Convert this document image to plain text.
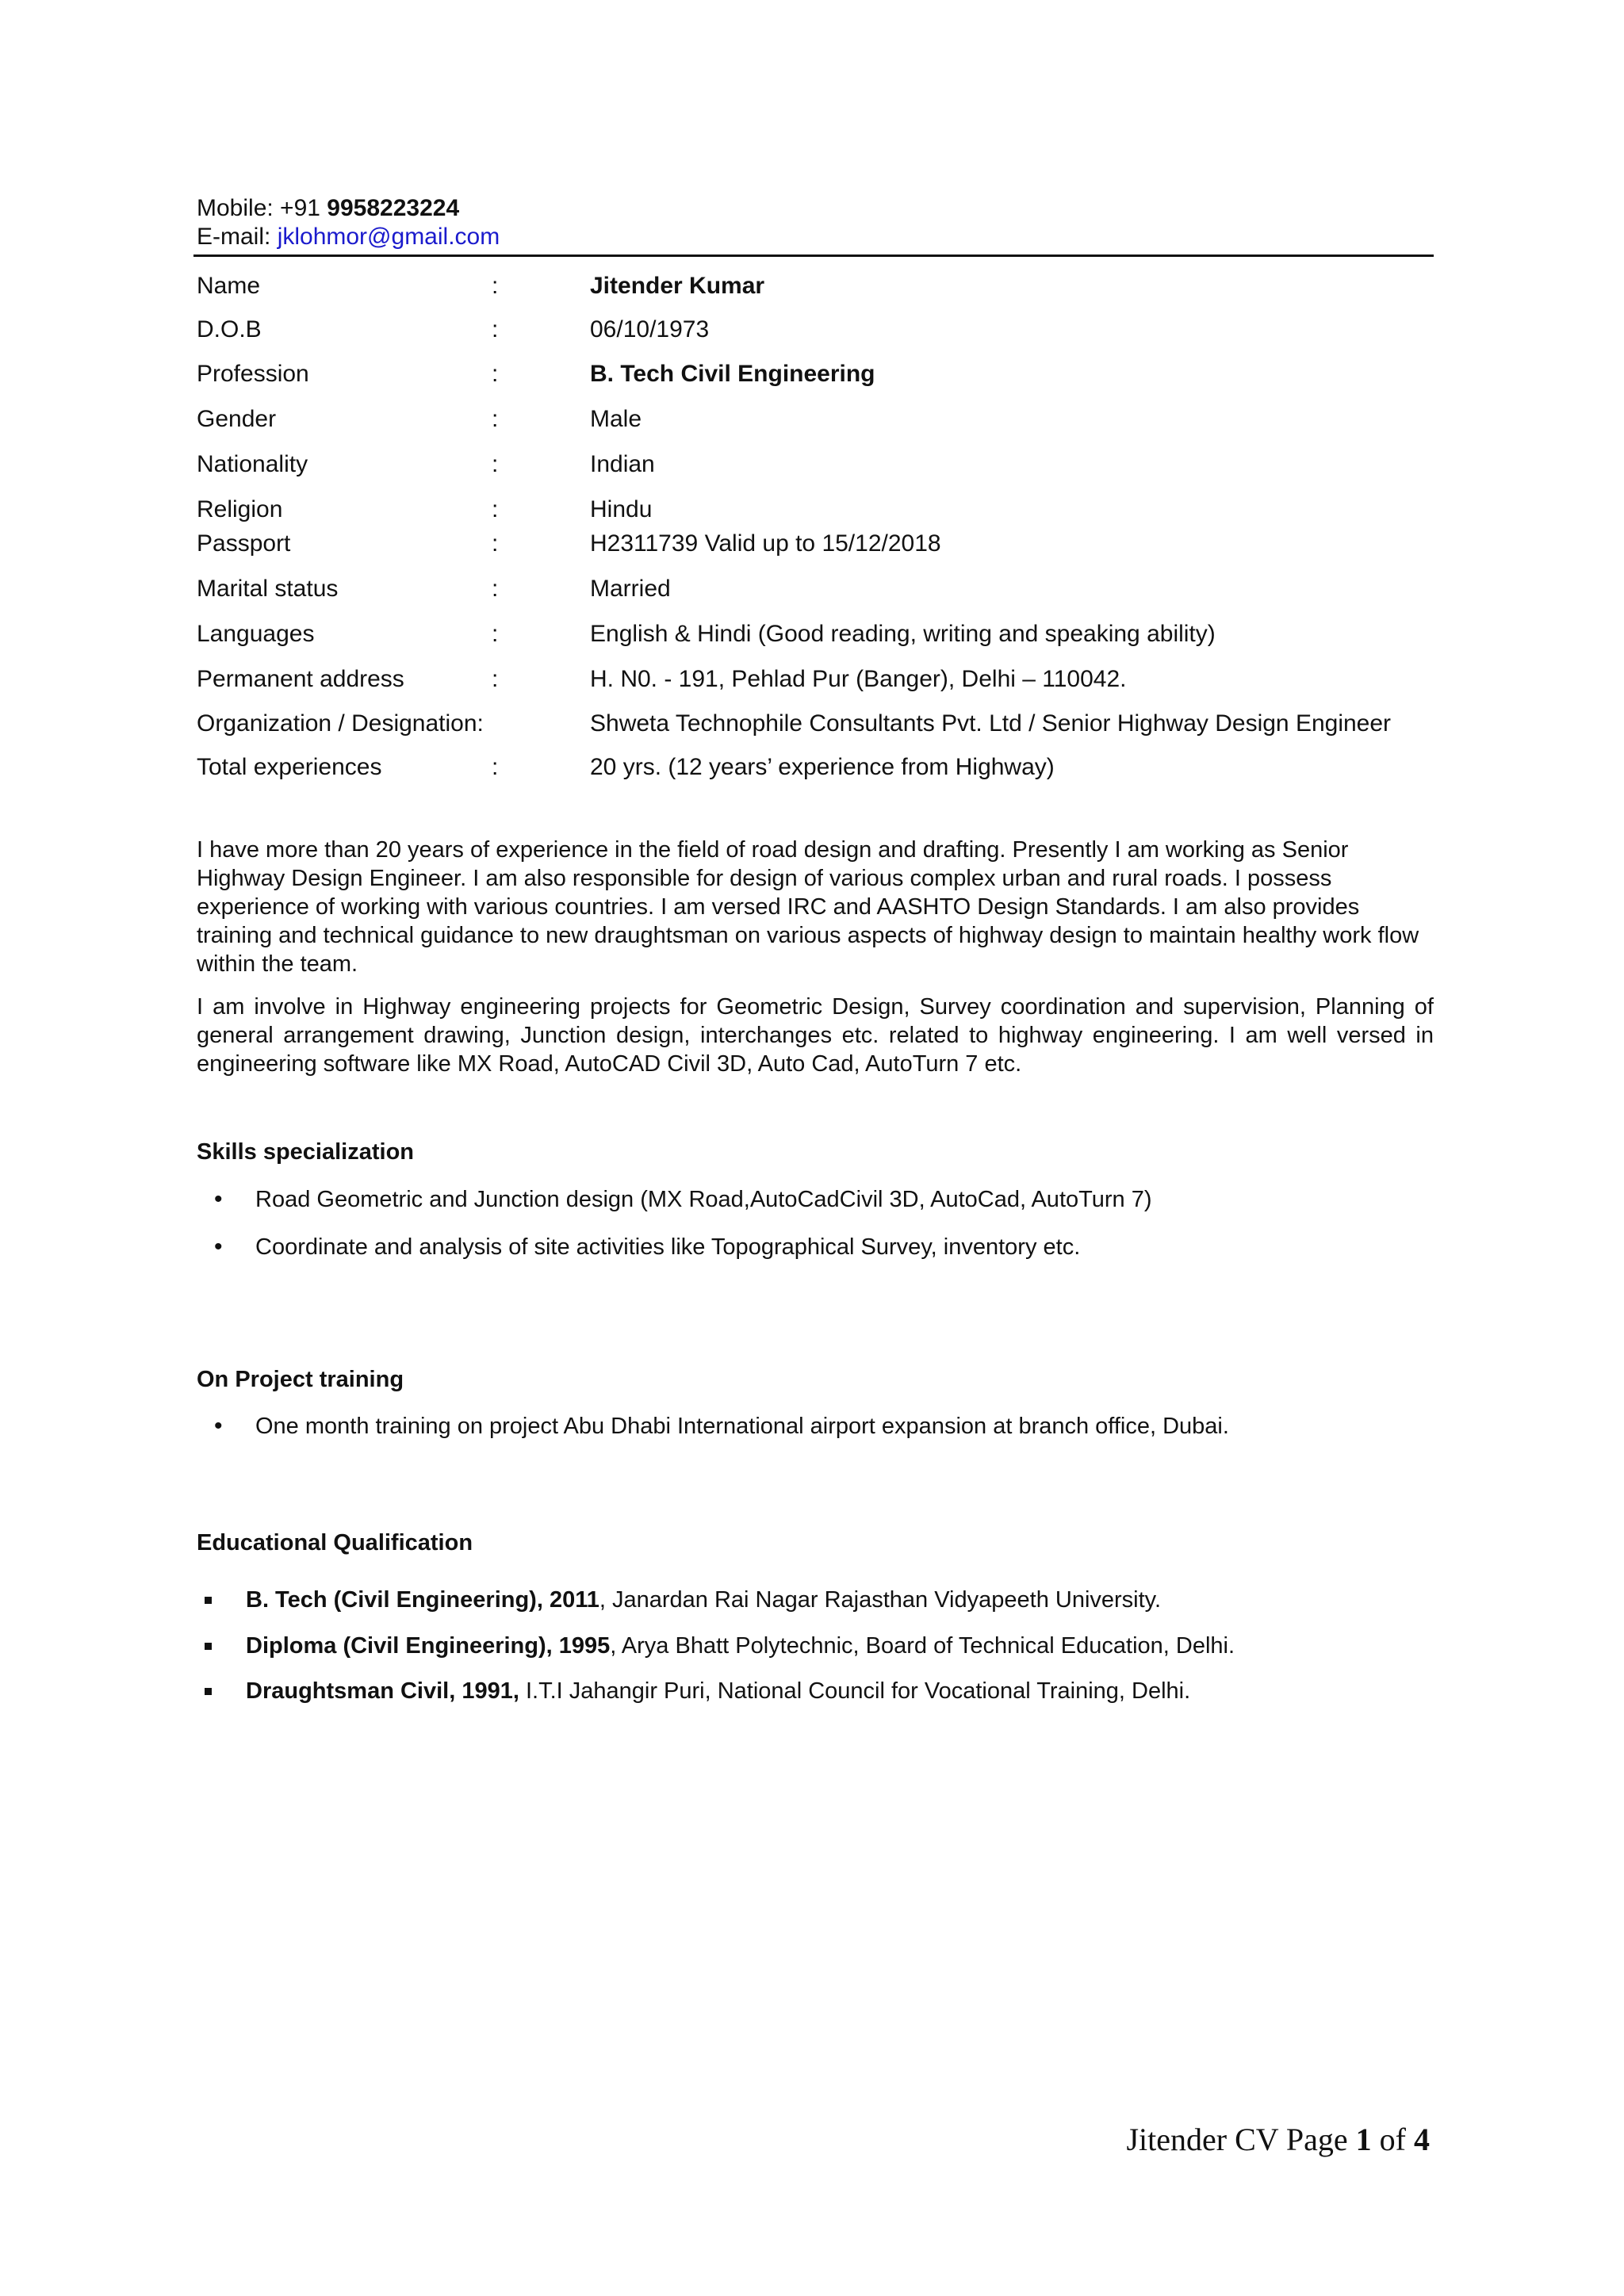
Mobile: +91 9958223224
E-mail: jklohmor@gmail.com
Name	:	Jitender Kumar
D.O.B	:	06/10/1973
Profession	:	B. Tech Civil Engineering
Gender	:	Male
Nationality	:	Indian
Religion	:	Hindu
Passport	:	H2311739 Valid up to 15/12/2018
Marital status	:	Married
Languages	:	English & Hindi (Good reading, writing and speaking ability)
Permanent address	:	H. N0. - 191, Pehlad Pur (Banger), Delhi – 110042.
Organization / Designation:	Shweta Technophile Consultants Pvt. Ltd / Senior Highway Design Engineer
Total experiences	:	20 yrs. (12 years’ experience from Highway)
I have more than 20 years of experience in the field of road design and drafting. Presently I am working as Senior Highway Design Engineer. I am also responsible for design of various complex urban and rural roads. I possess experience of working with various countries. I am versed IRC and AASHTO Design Standards. I am also provides training and technical guidance to new draughtsman on various aspects of highway design to maintain healthy work flow within the team.
I am involve in Highway engineering projects for Geometric Design, Survey coordination and supervision, Planning of general arrangement drawing, Junction design, interchanges etc. related to highway engineering. I am well versed in engineering software like MX Road, AutoCAD Civil 3D, Auto Cad, AutoTurn 7 etc.
Skills specialization
• Road Geometric and Junction design (MX Road,AutoCadCivil 3D, AutoCad, AutoTurn 7)
• Coordinate and analysis of site activities like Topographical Survey, inventory etc.
On Project training
• One month training on project Abu Dhabi International airport expansion at branch office, Dubai.
Educational Qualification
B. Tech (Civil Engineering), 2011, Janardan Rai Nagar Rajasthan Vidyapeeth University.
Diploma (Civil Engineering), 1995, Arya Bhatt Polytechnic, Board of Technical Education, Delhi.
Draughtsman Civil, 1991, I.T.I Jahangir Puri, National Council for Vocational Training, Delhi.
Jitender CV Page 1 of 4
